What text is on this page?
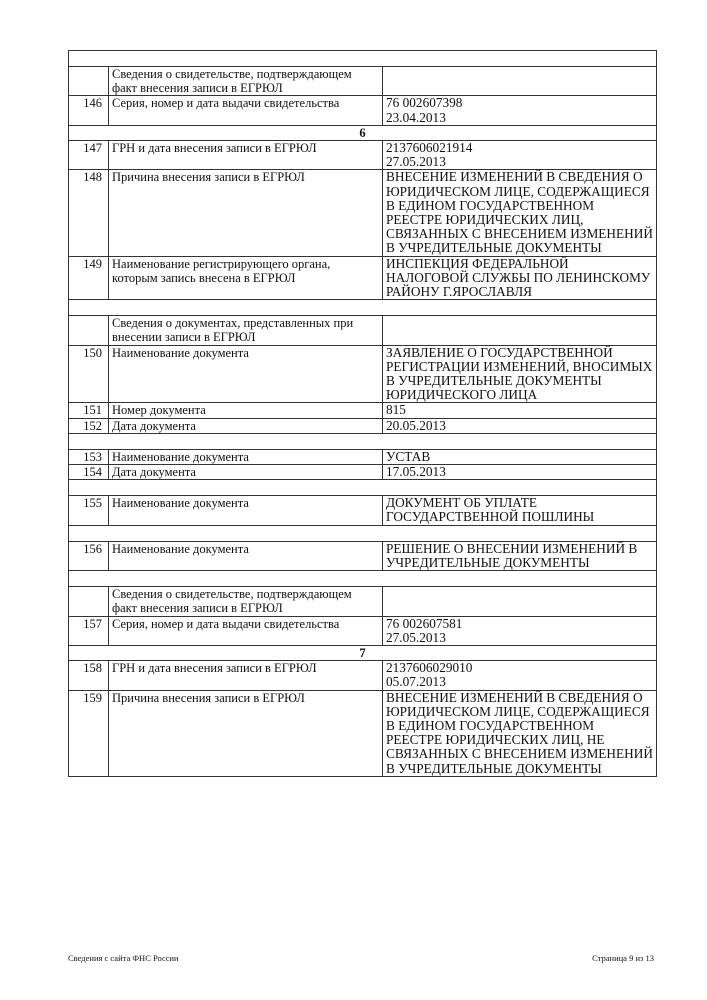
	Сведения о свидетельстве, подтверждающем факт внесения записи в ЕГРЮЛ	
146	Серия, номер и дата выдачи свидетельства	76 002607398
23.04.2013
6		
147	ГРН и дата внесения записи в ЕГРЮЛ	2137606021914
27.05.2013
148	Причина внесения записи в ЕГРЮЛ	ВНЕСЕНИЕ ИЗМЕНЕНИЙ В СВЕДЕНИЯ О ЮРИДИЧЕСКОМ ЛИЦЕ, СОДЕРЖАЩИЕСЯ В ЕДИНОМ ГОСУДАРСТВЕННОМ РЕЕСТРЕ ЮРИДИЧЕСКИХ ЛИЦ, СВЯЗАННЫХ С ВНЕСЕНИЕМ ИЗМЕНЕНИЙ В УЧРЕДИТЕЛЬНЫЕ ДОКУМЕНТЫ
149	Наименование регистрирующего органа, которым запись внесена в ЕГРЮЛ	ИНСПЕКЦИЯ ФЕДЕРАЛЬНОЙ НАЛОГОВОЙ СЛУЖБЫ ПО ЛЕНИНСКОМУ РАЙОНУ Г.ЯРОСЛАВЛЯ

	Сведения о документах, представленных при внесении записи в ЕГРЮЛ	
150	Наименование документа	ЗАЯВЛЕНИЕ О ГОСУДАРСТВЕННОЙ РЕГИСТРАЦИИ ИЗМЕНЕНИЙ, ВНОСИМЫХ В УЧРЕДИТЕЛЬНЫЕ ДОКУМЕНТЫ ЮРИДИЧЕСКОГО ЛИЦА
151	Номер документа	815
152	Дата документа	20.05.2013

153	Наименование документа	УСТАВ
154	Дата документа	17.05.2013

155	Наименование документа	ДОКУМЕНТ ОБ УПЛАТЕ ГОСУДАРСТВЕННОЙ ПОШЛИНЫ

156	Наименование документа	РЕШЕНИЕ О ВНЕСЕНИИ ИЗМЕНЕНИЙ В УЧРЕДИТЕЛЬНЫЕ ДОКУМЕНТЫ

	Сведения о свидетельстве, подтверждающем факт внесения записи в ЕГРЮЛ	
157	Серия, номер и дата выдачи свидетельства	76 002607581
27.05.2013
7		
158	ГРН и дата внесения записи в ЕГРЮЛ	2137606029010
05.07.2013
159	Причина внесения записи в ЕГРЮЛ	ВНЕСЕНИЕ ИЗМЕНЕНИЙ В СВЕДЕНИЯ О ЮРИДИЧЕСКОМ ЛИЦЕ, СОДЕРЖАЩИЕСЯ В ЕДИНОМ ГОСУДАРСТВЕННОМ РЕЕСТРЕ ЮРИДИЧЕСКИХ ЛИЦ, НЕ СВЯЗАННЫХ С ВНЕСЕНИЕМ ИЗМЕНЕНИЙ В УЧРЕДИТЕЛЬНЫЕ ДОКУМЕНТЫ
Сведения с сайта ФНС России	Страница 9 из 13
